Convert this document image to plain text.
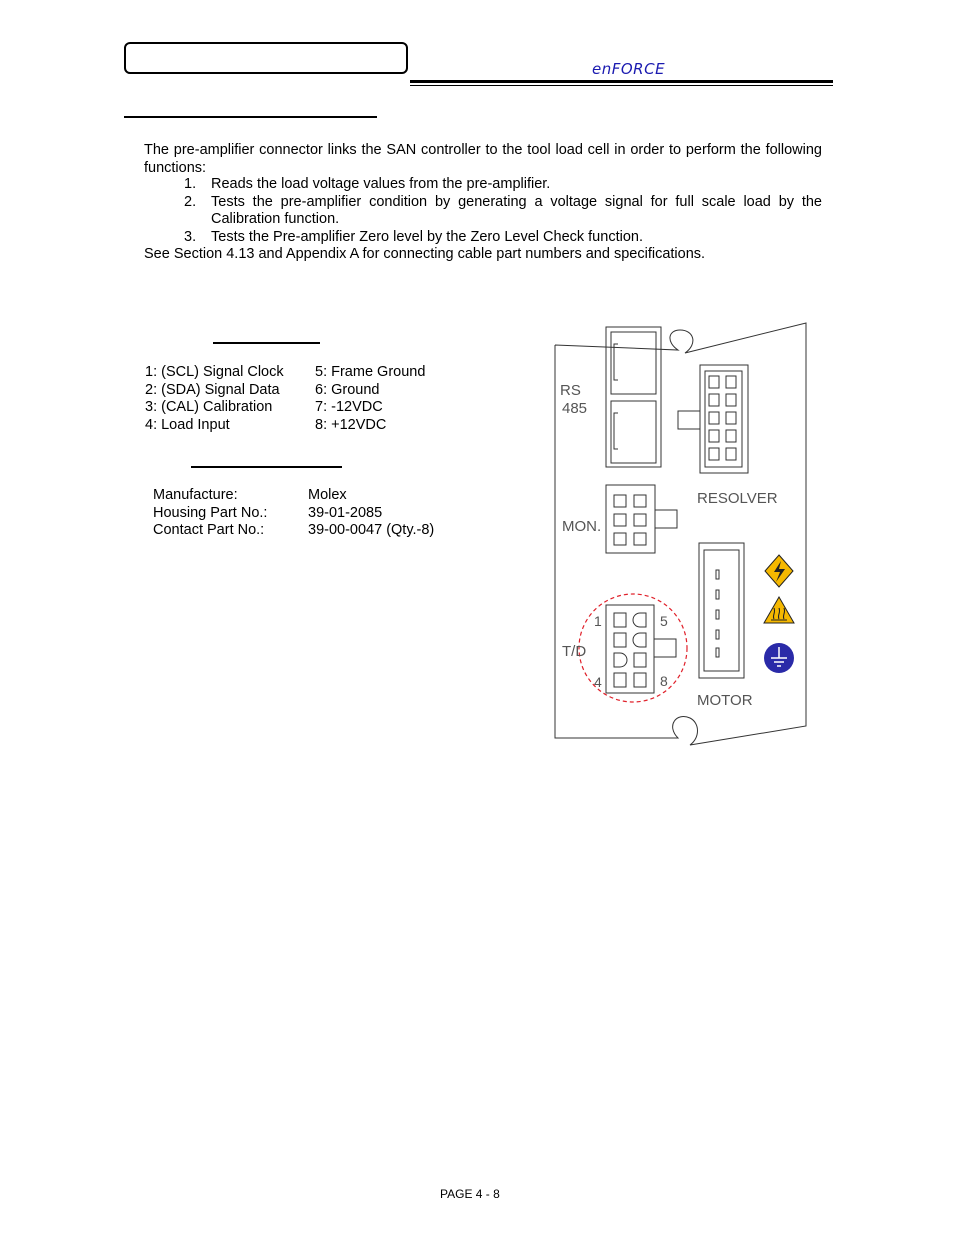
enFORCE
The pre-amplifier connector links the SAN controller to the tool load cell in order to perform the following functions:
1.	Reads the load voltage values from the pre-amplifier.
2.	Tests the pre-amplifier condition by generating a voltage signal for full scale load by the Calibration function.
3.	Tests the Pre-amplifier Zero level by the Zero Level Check function.
See Section 4.13 and Appendix A for connecting cable part numbers and specifications.
1: (SCL) Signal Clock	5: Frame Ground
2: (SDA) Signal Data	6: Ground
3: (CAL) Calibration	7: -12VDC
4: Load Input	8: +12VDC
Manufacture:	Molex
Housing Part No.:	39-01-2085
Contact Part No.:	39-00-0047 (Qty.-8)
RS
485
RESOLVER
MON.
MOTOR
T/D
1
4
5
8
PAGE 4 - 8
